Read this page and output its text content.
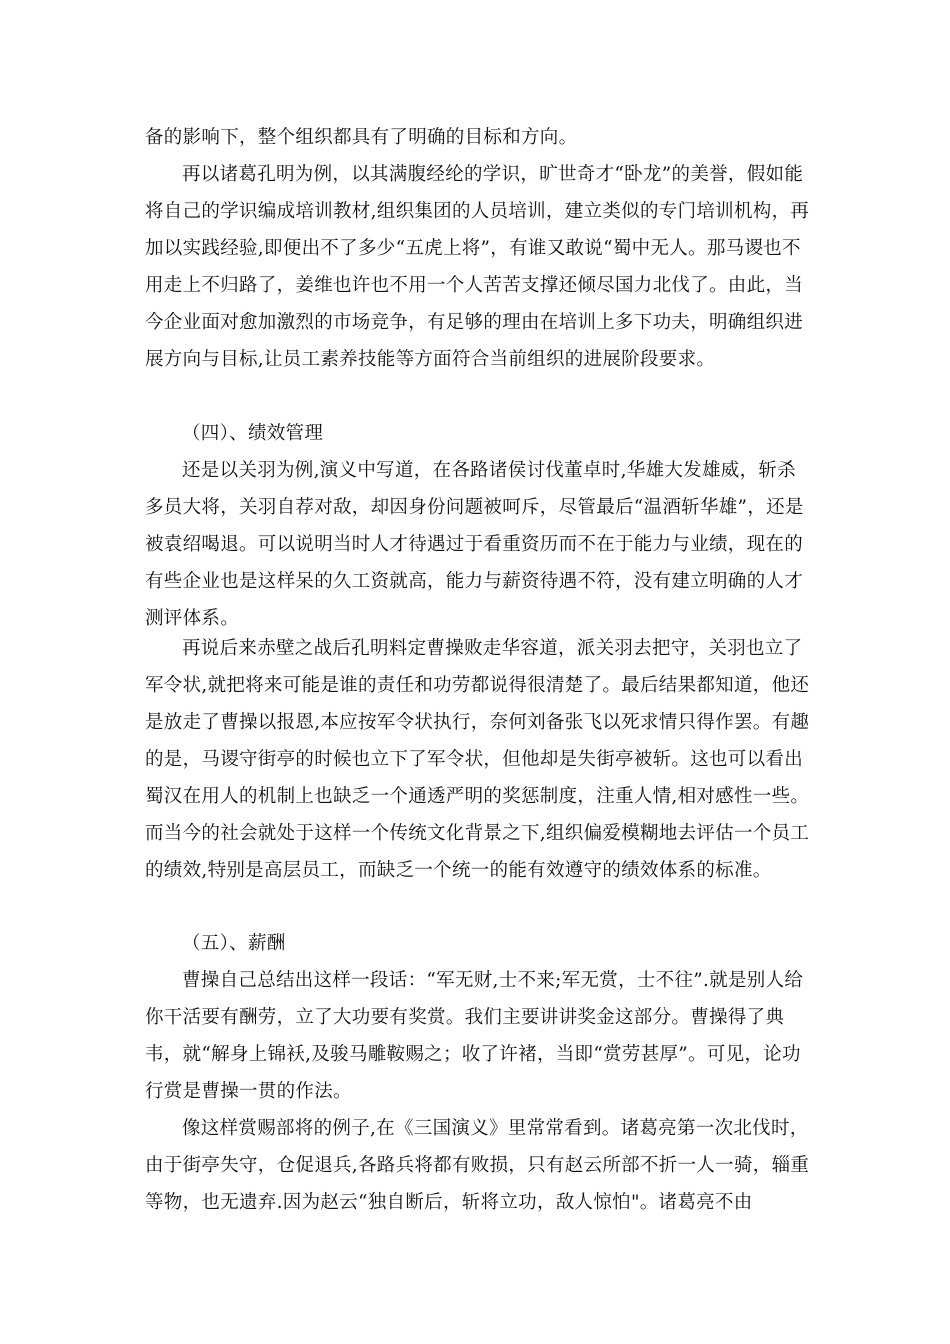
备的影响下，整个组织都具有了明确的目标和方向。

再以诸葛孔明为例，以其满腹经纶的学识，旷世奇才“卧龙”的美誉，假如能将自己的学识编成培训教材,组织集团的人员培训，建立类似的专门培训机构，再加以实践经验,即便出不了多少“五虎上将”，有谁又敢说“蜀中无人。那马谡也不用走上不归路了，姜维也许也不用一个人苦苦支撑还倾尽国力北伐了。由此，当今企业面对愈加激烈的市场竞争，有足够的理由在培训上多下功夫，明确组织进展方向与目标,让员工素养技能等方面符合当前组织的进展阶段要求。

（四）、绩效管理

还是以关羽为例,演义中写道，在各路诸侯讨伐董卓时,华雄大发雄威，斩杀多员大将，关羽自荐对敌，却因身份问题被呵斥，尽管最后“温酒斩华雄”，还是被袁绍喝退。可以说明当时人才待遇过于看重资历而不在于能力与业绩，现在的有些企业也是这样呆的久工资就高，能力与薪资待遇不符，没有建立明确的人才测评体系。

再说后来赤壁之战后孔明料定曹操败走华容道，派关羽去把守，关羽也立了军令状,就把将来可能是谁的责任和功劳都说得很清楚了。最后结果都知道，他还是放走了曹操以报恩,本应按军令状执行，奈何刘备张飞以死求情只得作罢。有趣的是，马谡守街亭的时候也立下了军令状，但他却是失街亭被斩。这也可以看出蜀汉在用人的机制上也缺乏一个通透严明的奖惩制度，注重人情,相对感性一些。而当今的社会就处于这样一个传统文化背景之下,组织偏爱模糊地去评估一个员工的绩效,特别是高层员工，而缺乏一个统一的能有效遵守的绩效体系的标准。

（五）、薪酬

曹操自己总结出这样一段话：“军无财,士不来;军无赏，士不往”.就是别人给你干活要有酬劳，立了大功要有奖赏。我们主要讲讲奖金这部分。曹操得了典韦，就“解身上锦袄,及骏马雕鞍赐之；收了许褚，当即“赏劳甚厚”。可见，论功行赏是曹操一贯的作法。

像这样赏赐部将的例子,在《三国演义》里常常看到。诸葛亮第一次北伐时，由于街亭失守，仓促退兵,各路兵将都有败损，只有赵云所部不折一人一骑，辎重等物，也无遗弃.因为赵云“独自断后，斩将立功，敌人惊怕"。诸葛亮不由
